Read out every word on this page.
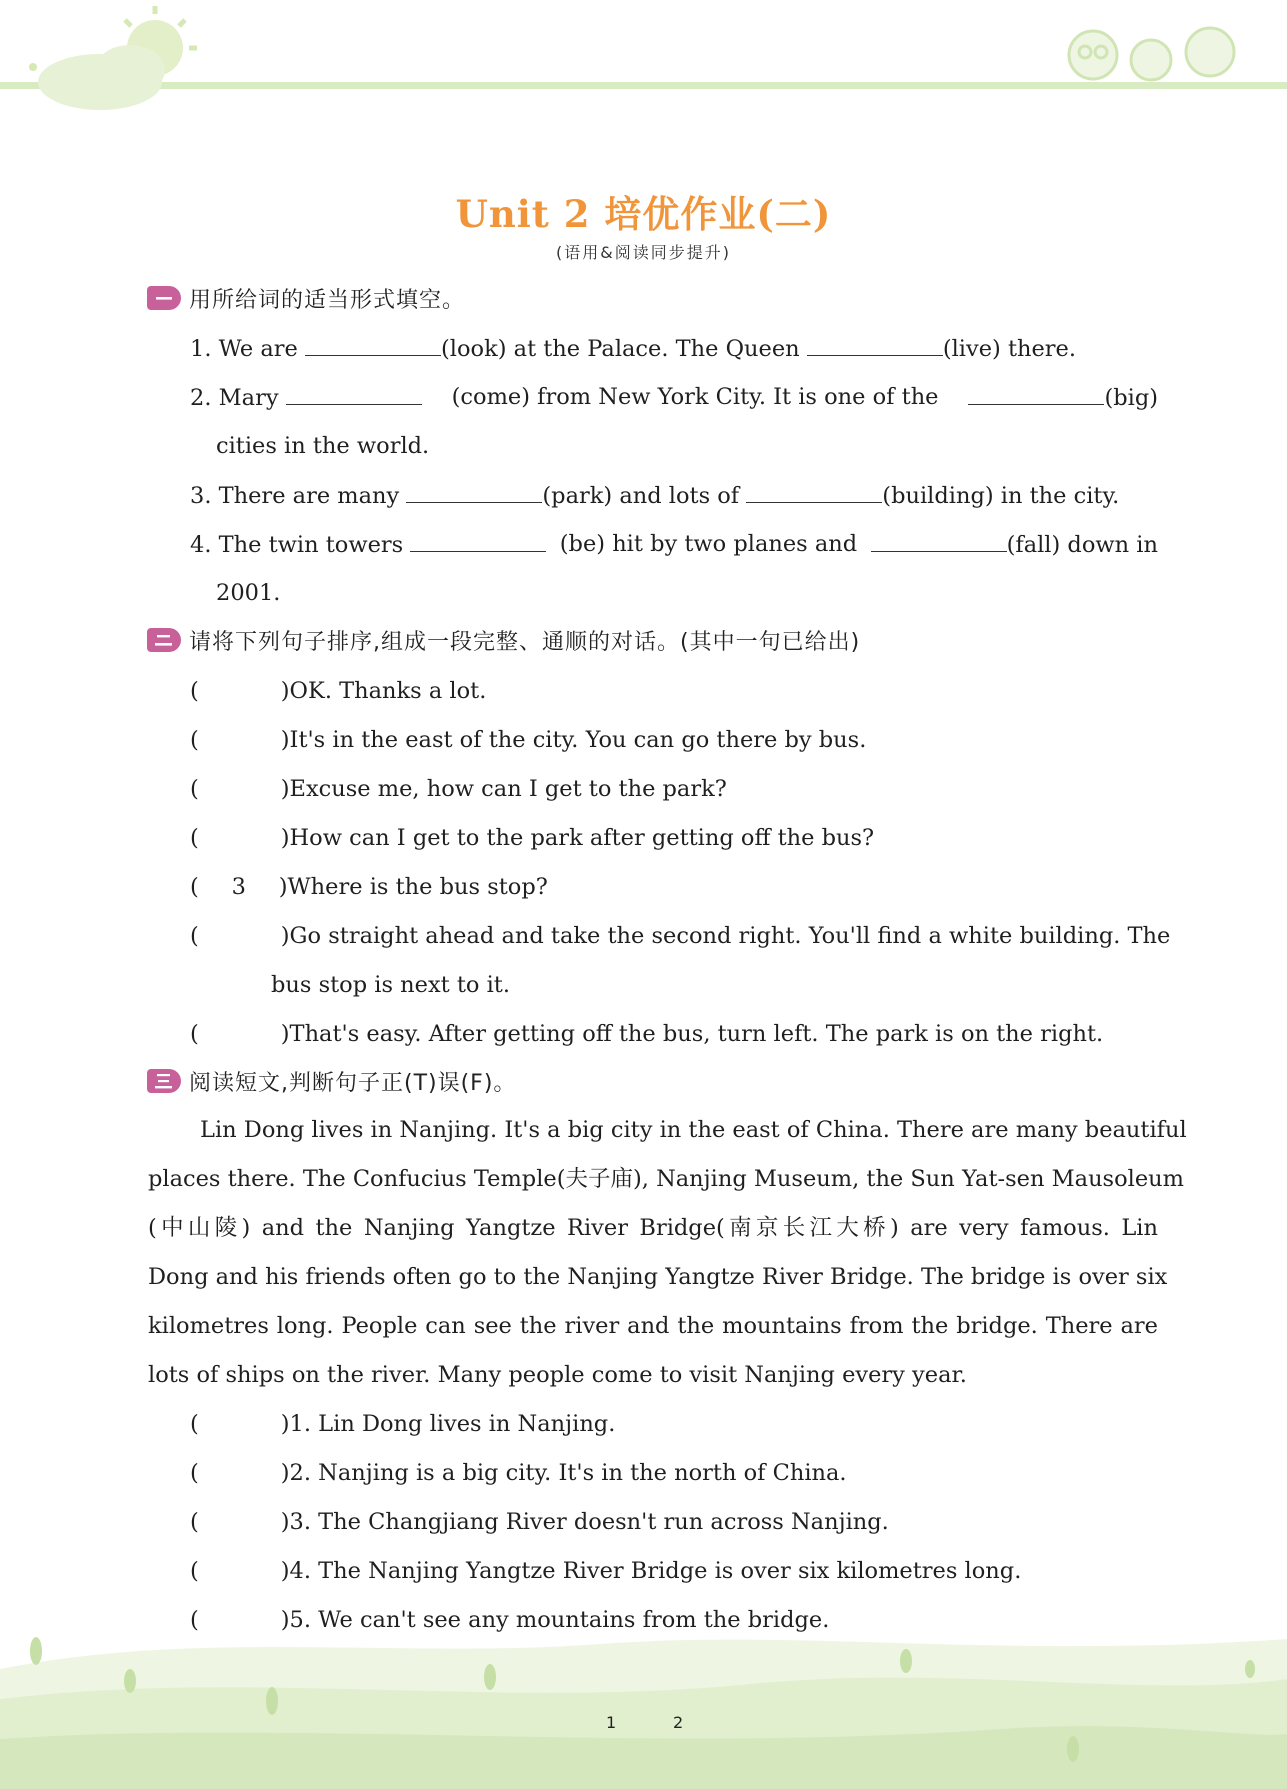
Unit 2 培优作业(二)
(语用&阅读同步提升)
用所给词的适当形式填空。
1. We are	(look) at the Palace. The Queen	(live) there.
2. Mary	(come) from New York City. It is one of the	(big)
cities in the world.
3. There are many	(park) and lots of	(building) in the city.
4. The twin towers	(be) hit by two planes and	(fall) down in
2001.
请将下列句子排序,组成一段完整、通顺的对话。(其中一句已给出)
(	)OK. Thanks a lot.
(	)It's in the east of the city. You can go there by bus.
(	)Excuse me, how can I get to the park?
(	)How can I get to the park after getting off the bus?
( 3 )Where is the bus stop?
(	)Go straight ahead and take the second right. You'll find a white building. The
bus stop is next to it.
(	)That's easy. After getting off the bus, turn left. The park is on the right.
阅读短文,判断句子正(T)误(F)。
Lin Dong lives in Nanjing. It's a big city in the east of China. There are many beautiful
places there. The Confucius Temple(夫子庙), Nanjing Museum, the Sun Yat-sen Mausoleum
(中山陵) and the Nanjing Yangtze River Bridge(南京长江大桥) are very famous. Lin
Dong and his friends often go to the Nanjing Yangtze River Bridge. The bridge is over six
kilometres long. People can see the river and the mountains from the bridge. There are
lots of ships on the river. Many people come to visit Nanjing every year.
(	)1. Lin Dong lives in Nanjing.
(	)2. Nanjing is a big city. It's in the north of China.
(	)3. The Changjiang River doesn't run across Nanjing.
(	)4. The Nanjing Yangtze River Bridge is over six kilometres long.
(	)5. We can't see any mountains from the bridge.
1	2
